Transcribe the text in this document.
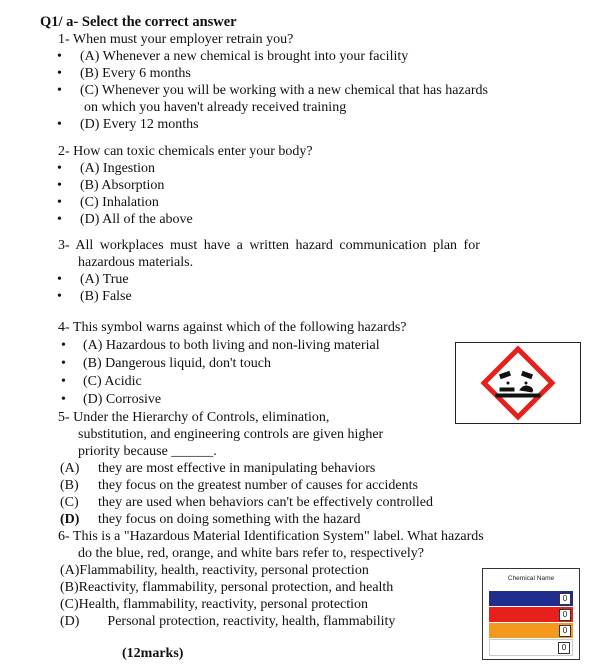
Q1/ a- Select the correct answer
1- When must your employer retrain you?
• (A) Whenever a new chemical is brought into your facility
• (B) Every 6 months
• (C) Whenever you will be working with a new chemical that has hazards
on which you haven't already received training
• (D) Every 12 months
2- How can toxic chemicals enter your body?
• (A) Ingestion
• (B) Absorption
• (C) Inhalation
• (D) All of the above
3- All workplaces must have a written hazard communication plan for
hazardous materials.
• (A) True
• (B) False
4- This symbol warns against which of the following hazards?
• (A) Hazardous to both living and non-living material
• (B) Dangerous liquid, don't touch
• (C) Acidic
• (D) Corrosive
5- Under the Hierarchy of Controls, elimination,
substitution, and engineering controls are given higher
priority because ______.
(A) they are most effective in manipulating behaviors
(B) they focus on the greatest number of causes for accidents
(C) they are used when behaviors can't be effectively controlled
(D) they focus on doing something with the hazard
6- This is a "Hazardous Material Identification System" label. What hazards
do the blue, red, orange, and white bars refer to, respectively?
(A)Flammability, health, reactivity, personal protection
(B)Reactivity, flammability, personal protection, and health
(C)Health, flammability, reactivity, personal protection
(D)        Personal protection, reactivity, health, flammability
Chemical Name
0
0
0
0
(12marks)
